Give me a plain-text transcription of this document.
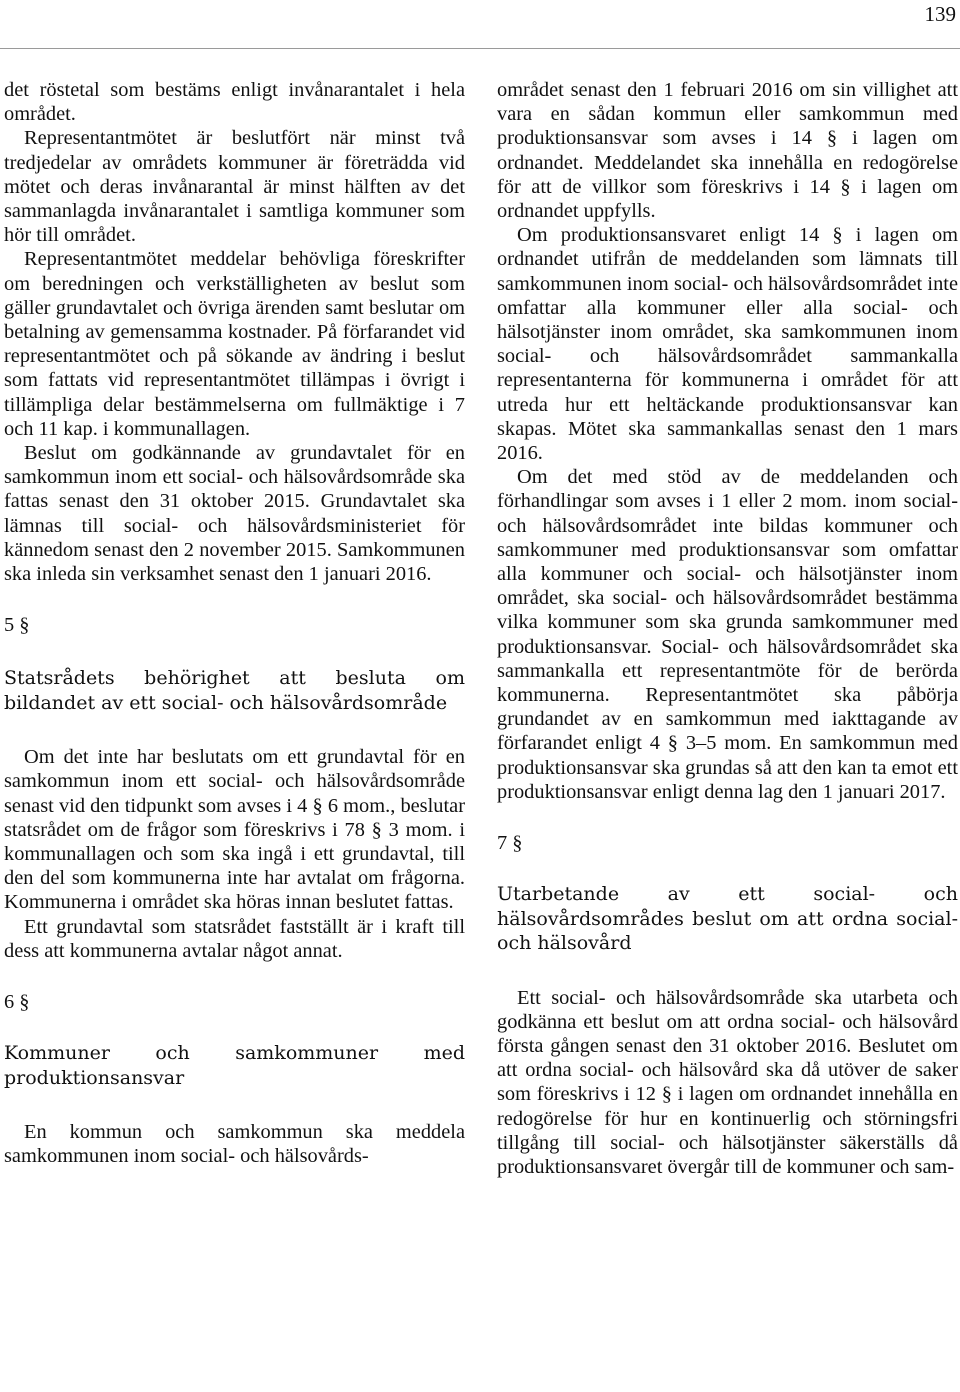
139

det röstetal som bestäms enligt invånarantalet i hela området.

Representantmötet är beslutfört när minst två tredjedelar av områdets kommuner är företrädda vid mötet och deras invånarantal är minst hälften av det sammanlagda invånarantalet i samtliga kommuner som hör till området.

Representantmötet meddelar behövliga föreskrifter om beredningen och verkställigheten av beslut som gäller grundavtalet och övriga ärenden samt beslutar om betalning av gemensamma kostnader. På förfarandet vid representantmötet och på sökande av ändring i beslut som fattats vid representantmötet tillämpas i övrigt i tillämpliga delar bestämmelserna om fullmäktige i 7 och 11 kap. i kommunallagen.

Beslut om godkännande av grundavtalet för en samkommun inom ett social- och hälsovårdsområde ska fattas senast den 31 oktober 2015. Grundavtalet ska lämnas till social- och hälsovårdsministeriet för kännedom senast den 2 november 2015. Samkommunen ska inleda sin verksamhet senast den 1 januari 2016.

5 §

Statsrådets behörighet att besluta om bildandet av ett social- och hälsovårdsområde

Om det inte har beslutats om ett grundavtal för en samkommun inom ett social- och hälsovårdsområde senast vid den tidpunkt som avses i 4 § 6 mom., beslutar statsrådet om de frågor som föreskrivs i 78 § 3 mom. i kommunallagen och som ska ingå i ett grundavtal, till den del som kommunerna inte har avtalat om frågorna. Kommunerna i området ska höras innan beslutet fattas.

Ett grundavtal som statsrådet fastställt är i kraft till dess att kommunerna avtalar något annat.

6 §

Kommuner och samkommuner med produktionsansvar

En kommun och samkommun ska meddela samkommunen inom social- och hälsovårds-

området senast den 1 februari 2016 om sin villighet att vara en sådan kommun eller samkommun med produktionsansvar som avses i 14 § i lagen om ordnandet. Meddelandet ska innehålla en redogörelse för att de villkor som föreskrivs i 14 § i lagen om ordnandet uppfylls.

Om produktionsansvaret enligt 14 § i lagen om ordnandet utifrån de meddelanden som lämnats till samkommunen inom social- och hälsovårdsområdet inte omfattar alla kommuner eller alla social- och hälsotjänster inom området, ska samkommunen inom social- och hälsovårdsområdet sammankalla representanterna för kommunerna i området för att utreda hur ett heltäckande produktionsansvar kan skapas. Mötet ska sammankallas senast den 1 mars 2016.

Om det med stöd av de meddelanden och förhandlingar som avses i 1 eller 2 mom. inom social- och hälsovårdsområdet inte bildas kommuner och samkommuner med produktionsansvar som omfattar alla kommuner och social- och hälsotjänster inom området, ska social- och hälsovårdsområdet bestämma vilka kommuner som ska grunda samkommuner med produktionsansvar. Social- och hälsovårdsområdet ska sammankalla ett representantmöte för de berörda kommunerna. Representantmötet ska påbörja grundandet av en samkommun med iakttagande av förfarandet enligt 4 § 3–5 mom. En samkommun med produktionsansvar ska grundas så att den kan ta emot ett produktionsansvar enligt denna lag den 1 januari 2017.

7 §

Utarbetande av ett social- och hälsovårdsområdes beslut om att ordna social- och hälsovård

Ett social- och hälsovårdsområde ska utarbeta och godkänna ett beslut om att ordna social- och hälsovård första gången senast den 31 oktober 2016. Beslutet om att ordna social- och hälsovård ska då utöver de saker som föreskrivs i 12 § i lagen om ordnandet innehålla en redogörelse för hur en kontinuerlig och störningsfri tillgång till social- och hälsotjänster säkerställs då produktionsansvaret övergår till de kommuner och sam-
